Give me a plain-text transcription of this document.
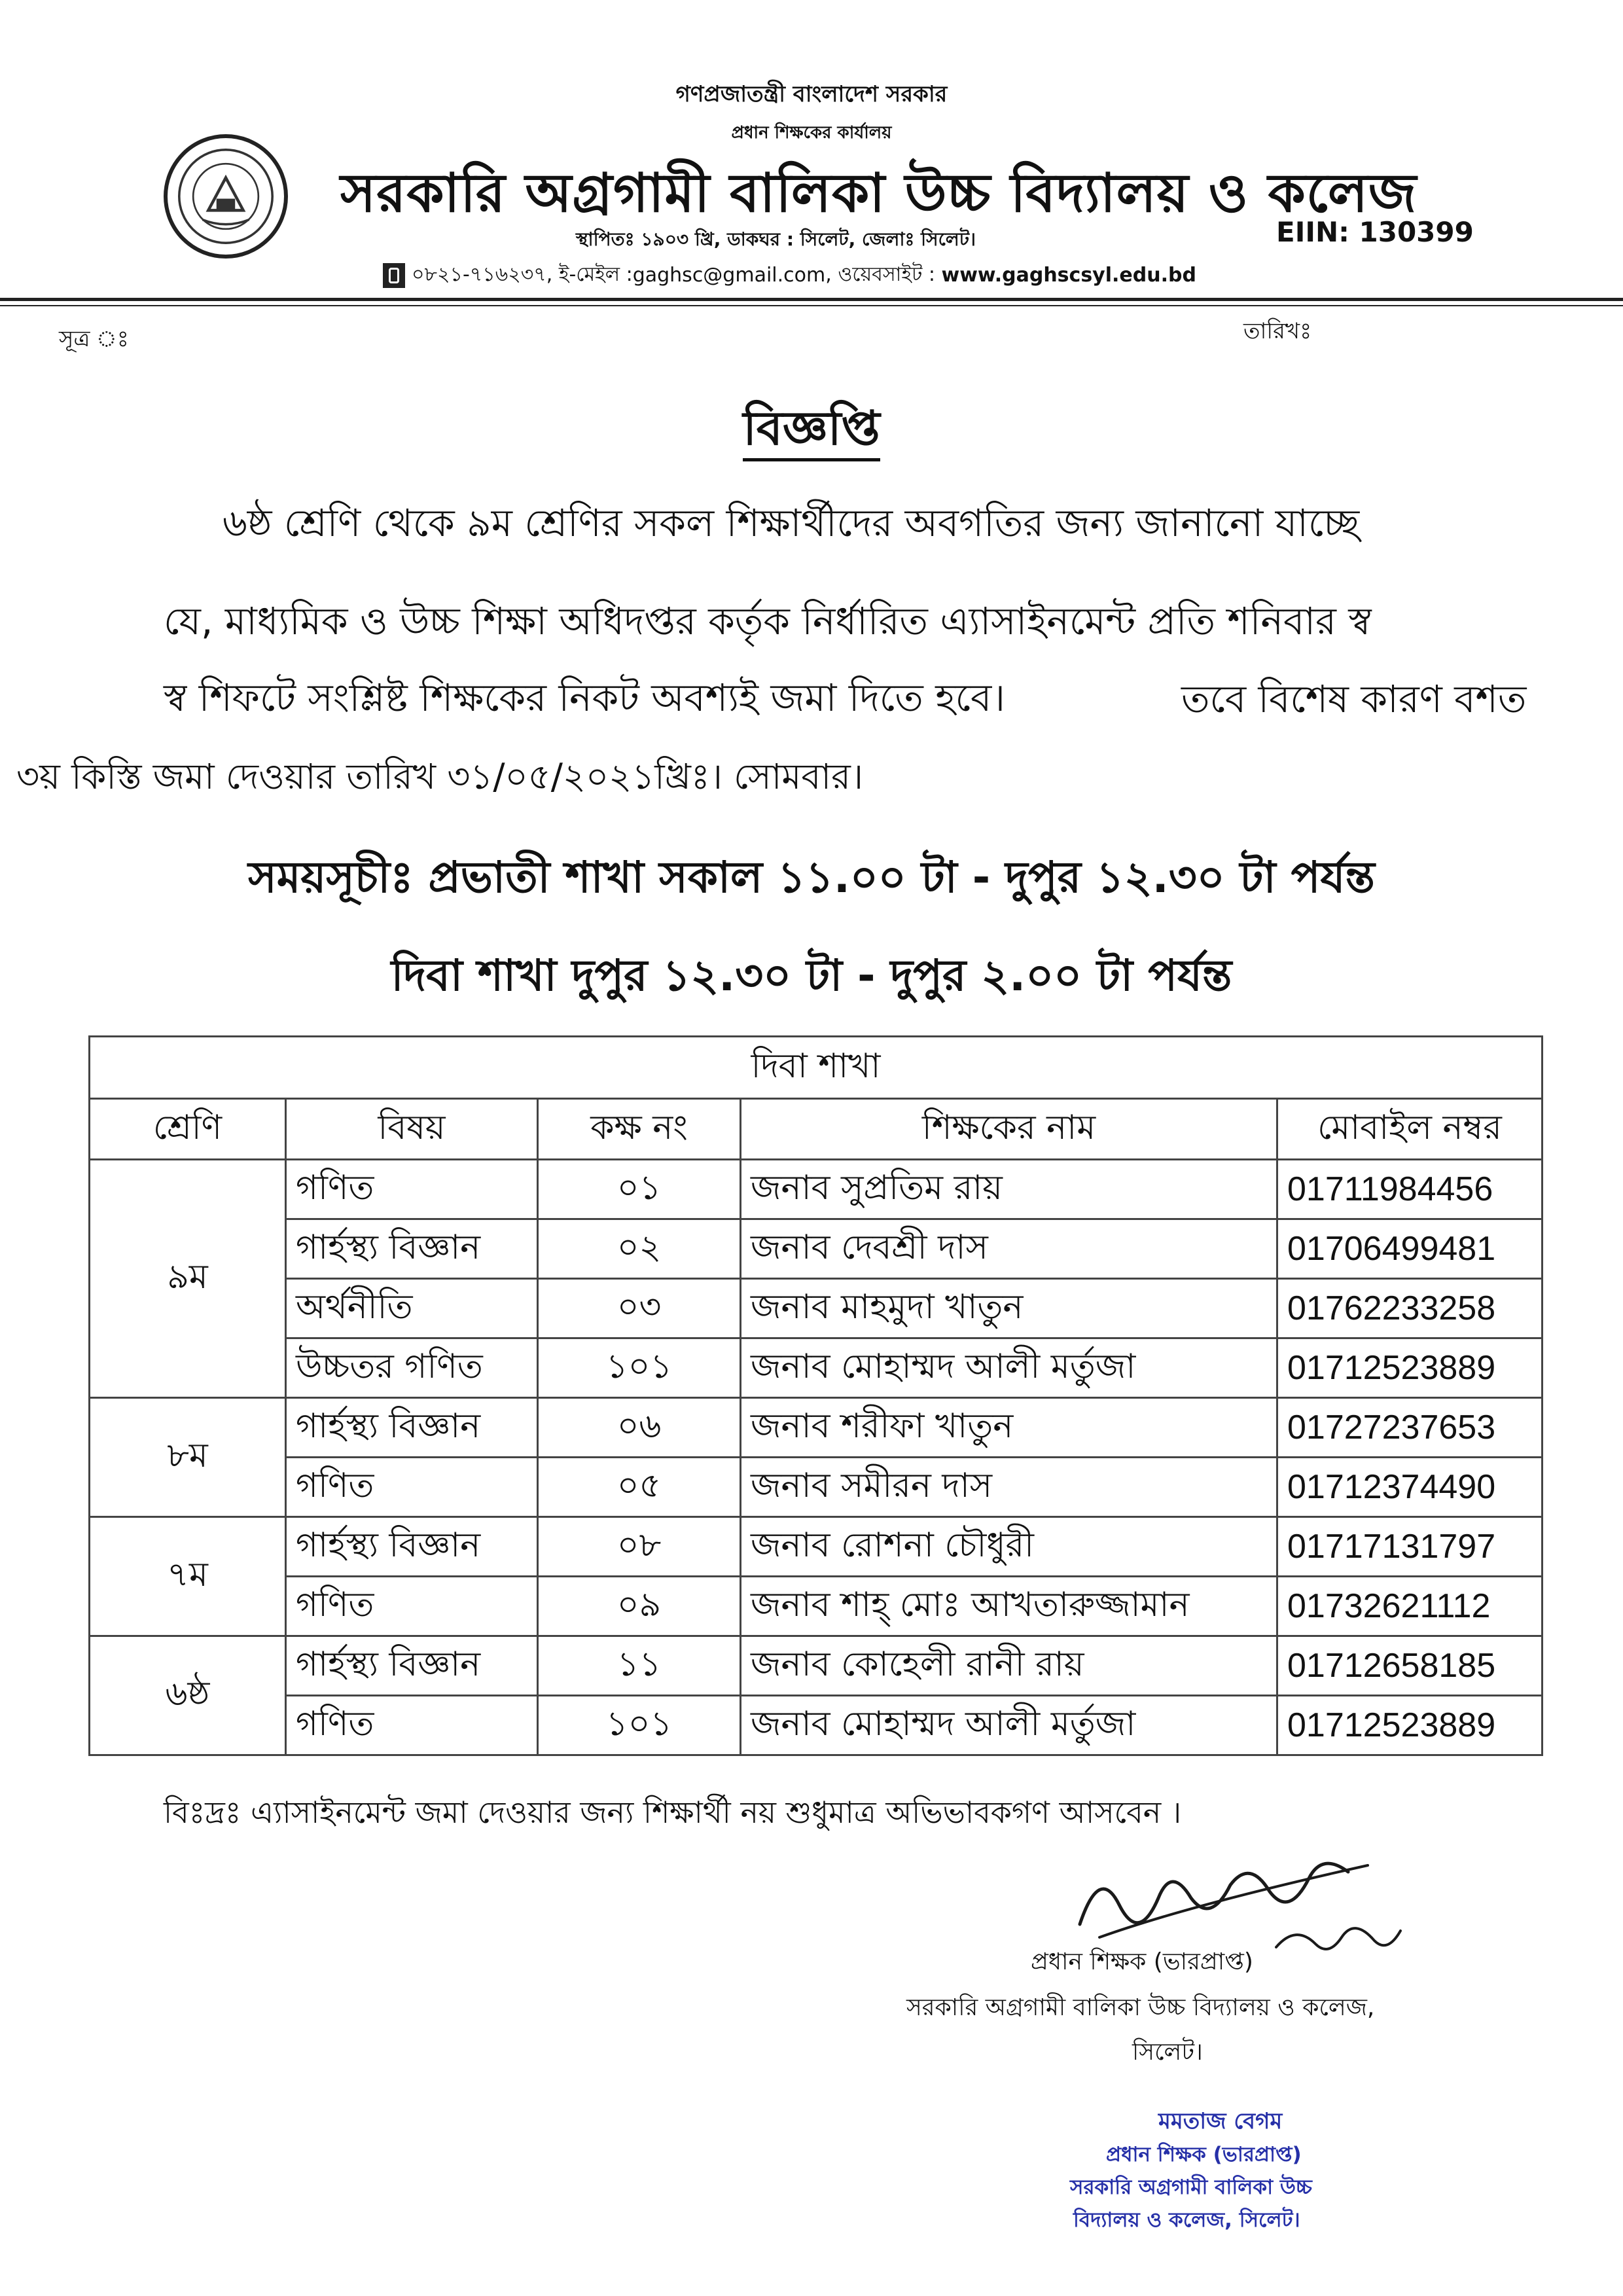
গণপ্রজাতন্ত্রী বাংলাদেশ সরকার
প্রধান শিক্ষকের কার্যালয়
সরকারি অগ্রগামী বালিকা উচ্চ বিদ্যালয় ও কলেজ
স্থাপিতঃ ১৯০৩ খ্রি, ডাকঘর : সিলেট, জেলাঃ সিলেট।	EIIN: 130399
০৮২১-৭১৬২৩৭, ই-মেইল : gaghsc@gmail.com , ওয়েবসাইট :
www.gaghscsyl.edu.bd
সূত্র ঃ	তারিখঃ
বিজ্ঞপ্তি
৬ষ্ঠ শ্রেণি থেকে ৯ম শ্রেণির সকল শিক্ষার্থীদের অবগতির জন্য জানানো যাচ্ছে
যে, মাধ্যমিক ও উচ্চ শিক্ষা অধিদপ্তর কর্তৃক নির্ধারিত এ্যাসাইনমেন্ট প্রতি শনিবার স্ব
স্ব শিফটে সংশ্লিষ্ট শিক্ষকের নিকট অবশ্যই জমা দিতে হবে।	তবে বিশেষ কারণ বশত
৩য় কিস্তি জমা দেওয়ার তারিখ ৩১/০৫/২০২১খ্রিঃ। সোমবার।
সময়সূচীঃ প্রভাতী শাখা সকাল ১১.০০ টা - দুপুর ১২.৩০ টা পর্যন্ত
দিবা শাখা দুপুর ১২.৩০ টা - দুপুর ২.০০ টা পর্যন্ত
দিবা শাখা				
শ্রেণি	বিষয়	কক্ষ নং	শিক্ষকের নাম	মোবাইল নম্বর
৯ম	গণিত	০১	জনাব সুপ্রতিম রায়	01711984456
	গার্হস্থ্য বিজ্ঞান	০২	জনাব দেবশ্রী দাস	01706499481
	অর্থনীতি	০৩	জনাব মাহমুদা খাতুন	01762233258
	উচ্চতর গণিত	১০১	জনাব মোহাম্মদ আলী মর্তুজা	01712523889
৮ম	গার্হস্থ্য বিজ্ঞান	০৬	জনাব শরীফা খাতুন	01727237653
	গণিত	০৫	জনাব সমীরন দাস	01712374490
৭ম	গার্হস্থ্য বিজ্ঞান	০৮	জনাব রোশনা চৌধুরী	01717131797
	গণিত	০৯	জনাব শাহ্ মোঃ আখতারুজ্জামান	01732621112
৬ষ্ঠ	গার্হস্থ্য বিজ্ঞান	১১	জনাব কোহেলী রানী রায়	01712658185
	গণিত	১০১	জনাব মোহাম্মদ আলী মর্তুজা	01712523889
বিঃদ্রঃ এ্যাসাইনমেন্ট জমা দেওয়ার জন্য শিক্ষার্থী নয় শুধুমাত্র অভিভাবকগণ আসবেন ।
প্রধান শিক্ষক (ভারপ্রাপ্ত)
সরকারি অগ্রগামী বালিকা উচ্চ বিদ্যালয় ও কলেজ,
সিলেট।
মমতাজ বেগম
প্রধান শিক্ষক (ভারপ্রাপ্ত)
সরকারি অগ্রগামী বালিকা উচ্চ
বিদ্যালয় ও কলেজ, সিলেট।
